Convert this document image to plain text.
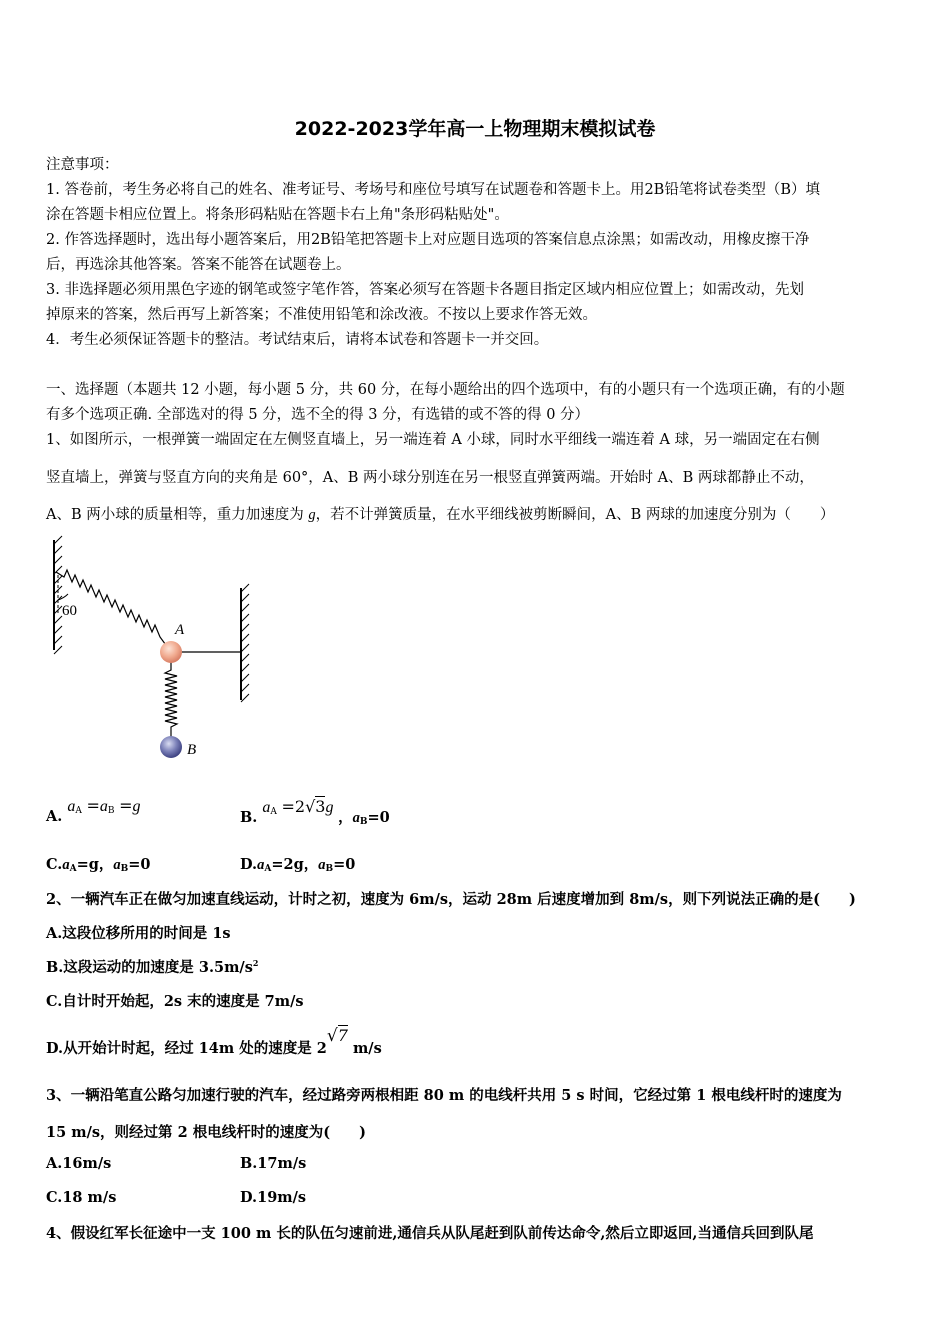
2022-2023学年高一上物理期末模拟试卷
注意事项：
1. 答卷前，考生务必将自己的姓名、准考证号、考场号和座位号填写在试题卷和答题卡上。用2B铅笔将试卷类型（B）填
涂在答题卡相应位置上。将条形码粘贴在答题卡右上角"条形码粘贴处"。
2. 作答选择题时，选出每小题答案后，用2B铅笔把答题卡上对应题目选项的答案信息点涂黑；如需改动，用橡皮擦干净
后，再选涂其他答案。答案不能答在试题卷上。
3. 非选择题必须用黑色字迹的钢笔或签字笔作答，答案必须写在答题卡各题目指定区域内相应位置上；如需改动，先划
掉原来的答案，然后再写上新答案；不准使用铅笔和涂改液。不按以上要求作答无效。
4．考生必须保证答题卡的整洁。考试结束后，请将本试卷和答题卡一并交回。
一、选择题（本题共 12 小题，每小题 5 分，共 60 分，在每小题给出的四个选项中，有的小题只有一个选项正确，有的小题
有多个选项正确. 全部选对的得 5 分，选不全的得 3 分，有选错的或不答的得 0 分）
1、如图所示，一根弹簧一端固定在左侧竖直墙上，另一端连着 A 小球，同时水平细线一端连着 A 球，另一端固定在右侧
竖直墙上，弹簧与竖直方向的夹角是 60°，A、B 两小球分别连在另一根竖直弹簧两端。开始时 A、B 两球都静止不动，
A、B 两小球的质量相等，重力加速度为 g，若不计弹簧质量，在水平细线被剪断瞬间，A、B 两球的加速度分别为（　　）
60
A
B
A. $a_A =a_B =g$
B. $a_A =2√3g$ ，$a_B=0$
$C.a_A=g$，$a_B=0$	$D.a_A=2g$，$a_B=0$
2、一辆汽车正在做匀加速直线运动，计时之初，速度为 6m/s，运动 28m 后速度增加到 8m/s，则下列说法正确的是(　　)
A.这段位移所用的时间是 1s
B.这段运动的加速度是 $3.5m/s^2$
C.自计时开始起，2s 末的速度是 7m/s
D.从开始计时起，经过 14m 处的速度是 2√7 m/s
3、一辆沿笔直公路匀加速行驶的汽车，经过路旁两根相距 80 m 的电线杆共用 5 s 时间，它经过第 1 根电线杆时的速度为
15 m/s，则经过第 2 根电线杆时的速度为(　　)
A.16m/s	B.17m/s
C.18 m/s	D.19m/s
4、假设红军长征途中一支 100 m 长的队伍匀速前进,通信兵从队尾赶到队前传达命令,然后立即返回,当通信兵回到队尾
